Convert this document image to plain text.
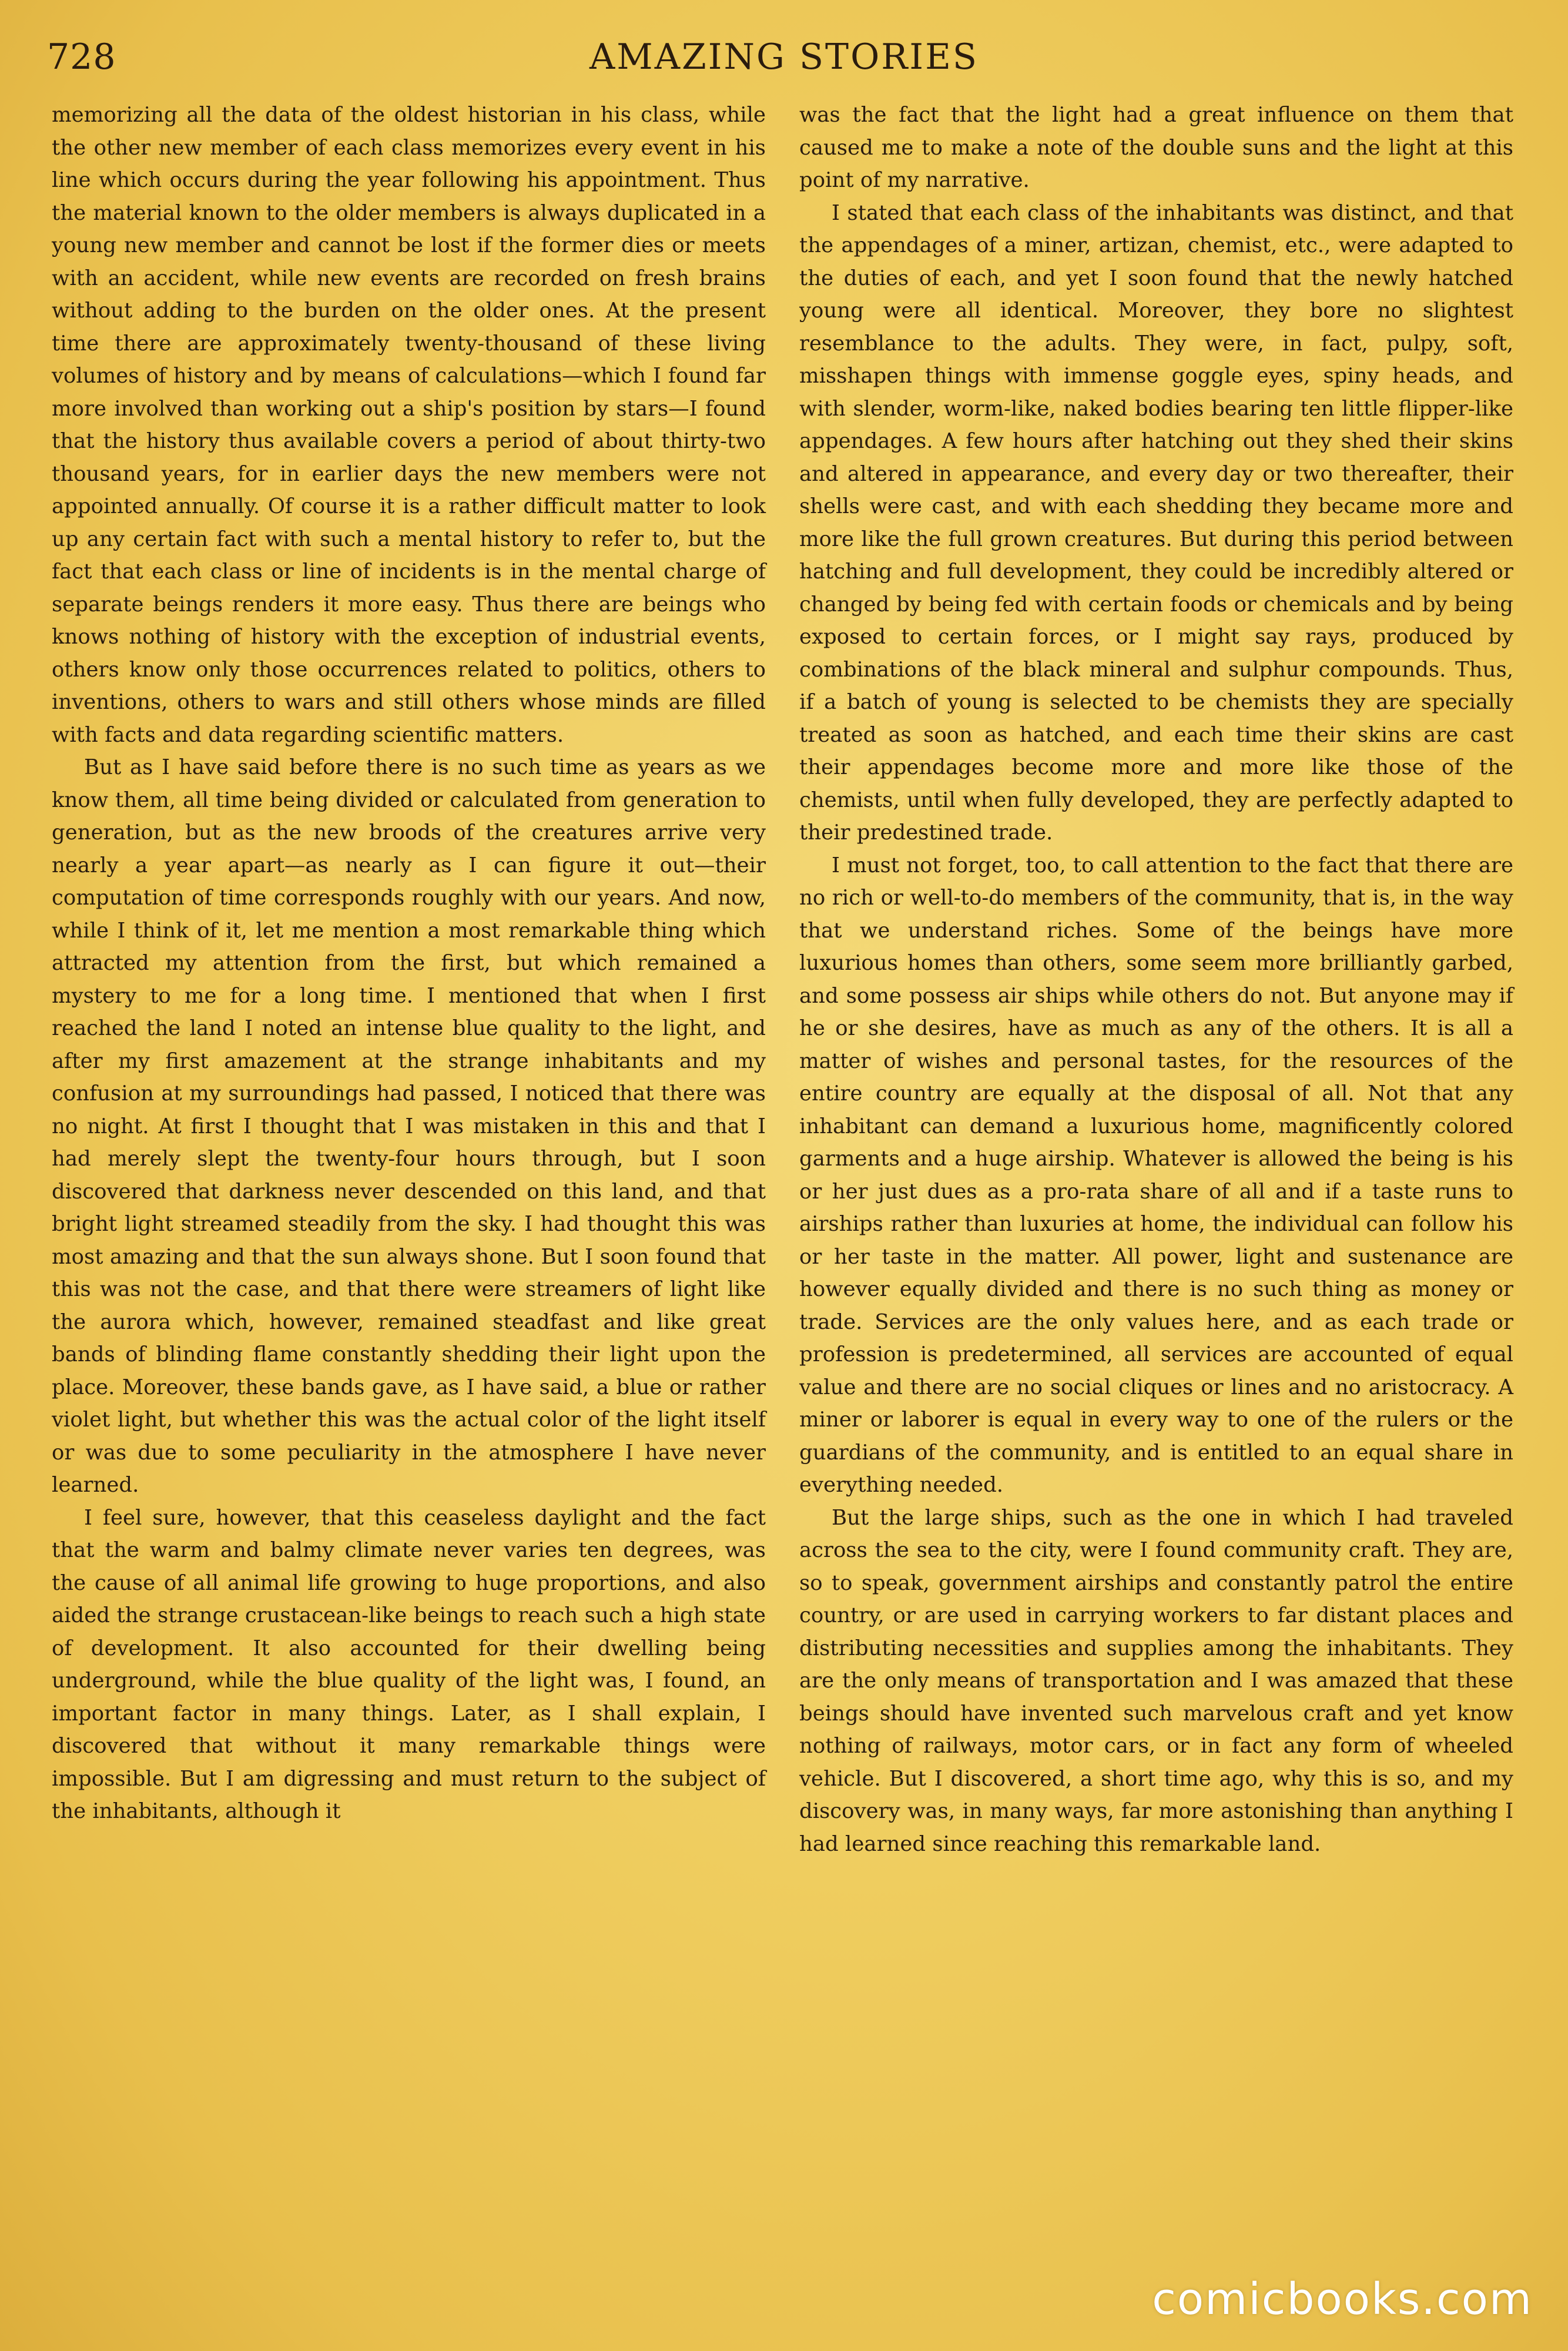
728	AMAZING STORIES

memorizing all the data of the oldest historian in his class, while the other new member of each class memorizes every event in his line which occurs during the year following his appointment. Thus the material known to the older members is always duplicated in a young new member and cannot be lost if the former dies or meets with an accident, while new events are recorded on fresh brains without adding to the burden on the older ones. At the present time there are approximately twenty-thousand of these living volumes of history and by means of calculations—which I found far more involved than working out a ship's position by stars—I found that the history thus available covers a period of about thirty-two thousand years, for in earlier days the new members were not appointed annually. Of course it is a rather difficult matter to look up any certain fact with such a mental history to refer to, but the fact that each class or line of incidents is in the mental charge of separate beings renders it more easy. Thus there are beings who knows nothing of history with the exception of industrial events, others know only those occurrences related to politics, others to inventions, others to wars and still others whose minds are filled with facts and data regarding scientific matters.

But as I have said before there is no such time as years as we know them, all time being divided or calculated from generation to generation, but as the new broods of the creatures arrive very nearly a year apart—as nearly as I can figure it out—their computation of time corresponds roughly with our years. And now, while I think of it, let me mention a most remarkable thing which attracted my attention from the first, but which remained a mystery to me for a long time. I mentioned that when I first reached the land I noted an intense blue quality to the light, and after my first amazement at the strange inhabitants and my confusion at my surroundings had passed, I noticed that there was no night. At first I thought that I was mistaken in this and that I had merely slept the twenty-four hours through, but I soon discovered that darkness never descended on this land, and that bright light streamed steadily from the sky. I had thought this was most amazing and that the sun always shone. But I soon found that this was not the case, and that there were streamers of light like the aurora which, however, remained steadfast and like great bands of blinding flame constantly shedding their light upon the place. Moreover, these bands gave, as I have said, a blue or rather violet light, but whether this was the actual color of the light itself or was due to some peculiarity in the atmosphere I have never learned.

I feel sure, however, that this ceaseless daylight and the fact that the warm and balmy climate never varies ten degrees, was the cause of all animal life growing to huge proportions, and also aided the strange crustacean-like beings to reach such a high state of development. It also accounted for their dwelling being underground, while the blue quality of the light was, I found, an important factor in many things. Later, as I shall explain, I discovered that without it many remarkable things were impossible. But I am digressing and must return to the subject of the inhabitants, although it

was the fact that the light had a great influence on them that caused me to make a note of the double suns and the light at this point of my narrative.

I stated that each class of the inhabitants was distinct, and that the appendages of a miner, artizan, chemist, etc., were adapted to the duties of each, and yet I soon found that the newly hatched young were all identical. Moreover, they bore no slightest resemblance to the adults. They were, in fact, pulpy, soft, misshapen things with immense goggle eyes, spiny heads, and with slender, worm-like, naked bodies bearing ten little flipper-like appendages. A few hours after hatching out they shed their skins and altered in appearance, and every day or two thereafter, their shells were cast, and with each shedding they became more and more like the full grown creatures. But during this period between hatching and full development, they could be incredibly altered or changed by being fed with certain foods or chemicals and by being exposed to certain forces, or I might say rays, produced by combinations of the black mineral and sulphur compounds. Thus, if a batch of young is selected to be chemists they are specially treated as soon as hatched, and each time their skins are cast their appendages become more and more like those of the chemists, until when fully developed, they are perfectly adapted to their predestined trade.

I must not forget, too, to call attention to the fact that there are no rich or well-to-do members of the community, that is, in the way that we understand riches. Some of the beings have more luxurious homes than others, some seem more brilliantly garbed, and some possess air ships while others do not. But anyone may if he or she desires, have as much as any of the others. It is all a matter of wishes and personal tastes, for the resources of the entire country are equally at the disposal of all. Not that any inhabitant can demand a luxurious home, magnificently colored garments and a huge airship. Whatever is allowed the being is his or her just dues as a pro-rata share of all and if a taste runs to airships rather than luxuries at home, the individual can follow his or her taste in the matter. All power, light and sustenance are however equally divided and there is no such thing as money or trade. Services are the only values here, and as each trade or profession is predetermined, all services are accounted of equal value and there are no social cliques or lines and no aristocracy. A miner or laborer is equal in every way to one of the rulers or the guardians of the community, and is entitled to an equal share in everything needed.

But the large ships, such as the one in which I had traveled across the sea to the city, were I found community craft. They are, so to speak, government airships and constantly patrol the entire country, or are used in carrying workers to far distant places and distributing necessities and supplies among the inhabitants. They are the only means of transportation and I was amazed that these beings should have invented such marvelous craft and yet know nothing of railways, motor cars, or in fact any form of wheeled vehicle. But I discovered, a short time ago, why this is so, and my discovery was, in many ways, far more astonishing than anything I had learned since reaching this remarkable land.

comicbooks.com
